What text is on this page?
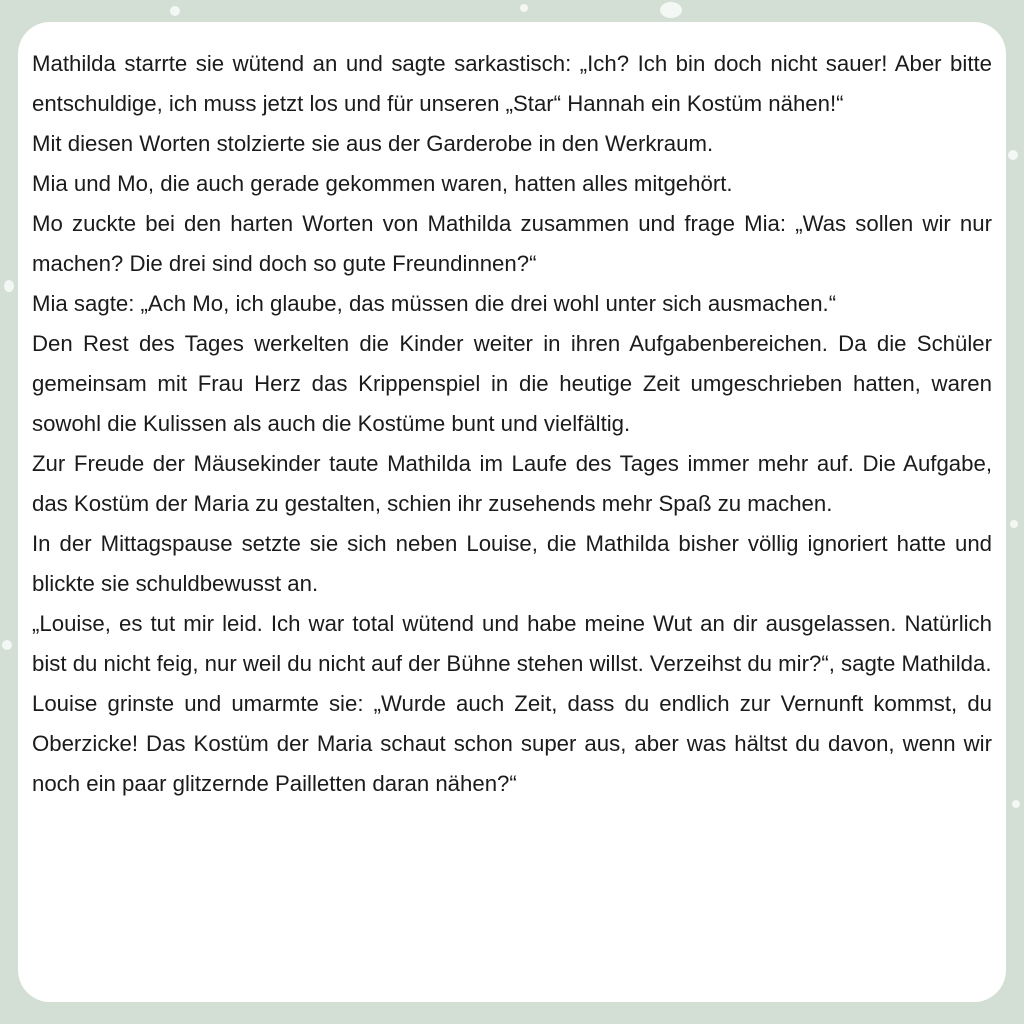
Mathilda starrte sie wütend an und sagte sarkastisch: „Ich? Ich bin doch nicht sauer! Aber bitte entschuldige, ich muss jetzt los und für unseren „Star“ Hannah ein Kostüm nähen!“

Mit diesen Worten stolzierte sie aus der Garderobe in den Werkraum.

Mia und Mo, die auch gerade gekommen waren, hatten alles mitgehört.

Mo zuckte bei den harten Worten von Mathilda zusammen und frage Mia: „Was sollen wir nur machen? Die drei sind doch so gute Freundinnen?“

Mia sagte: „Ach Mo, ich glaube, das müssen die drei wohl unter sich ausmachen.“

Den Rest des Tages werkelten die Kinder weiter in ihren Aufgabenbereichen. Da die Schüler gemeinsam mit Frau Herz das Krippenspiel in die heutige Zeit umgeschrieben hatten, waren sowohl die Kulissen als auch die Kostüme bunt und vielfältig.

Zur Freude der Mäusekinder taute Mathilda im Laufe des Tages immer mehr auf. Die Aufgabe, das Kostüm der Maria zu gestalten, schien ihr zusehends mehr Spaß zu machen.

In der Mittagspause setzte sie sich neben Louise, die Mathilda bisher völlig ignoriert hatte und blickte sie schuldbewusst an.

„Louise, es tut mir leid. Ich war total wütend und habe meine Wut an dir ausgelassen. Natürlich bist du nicht feig, nur weil du nicht auf der Bühne stehen willst. Verzeihst du mir?“, sagte Mathilda.

Louise grinste und umarmte sie: „Wurde auch Zeit, dass du endlich zur Vernunft kommst, du Oberzicke! Das Kostüm der Maria schaut schon super aus, aber was hältst du davon, wenn wir noch ein paar glitzernde Pailletten daran nähen?“
